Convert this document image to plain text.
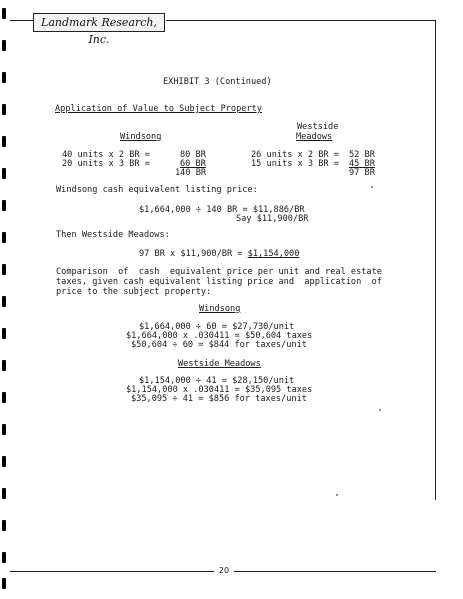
Landmark Research, Inc.
EXHIBIT 3 (Continued)
Application of Value to Subject Property
Windsong
Westside
Meadows
40 units x 2 BR =	80 BR
20 units x 3 BR =	60 BR
140 BR
26 units x 2 BR = 52 BR
15 units x 3 BR = 45 BR
97 BR
Windsong cash equivalent listing price:
$1,664,000 ÷ 140 BR = $11,886/BR
Say $11,900/BR
Then Westside Meadows:
97 BR x $11,900/BR = $1,154,000
Comparison  of  cash  equivalent price per unit and real estate
taxes, given cash equivalent listing price and  application  of
price to the subject property:
Windsong
$1,664,000 ÷ 60 = $27,730/unit
$1,664,000 x .030411 = $50,604 taxes
$50,604 ÷ 60 = $844 for taxes/unit
Westside Meadows
$1,154,000 ÷ 41 = $28,150/unit
$1,154,000 x .030411 = $35,095 taxes
$35,095 ÷ 41 = $856 for taxes/unit
20
